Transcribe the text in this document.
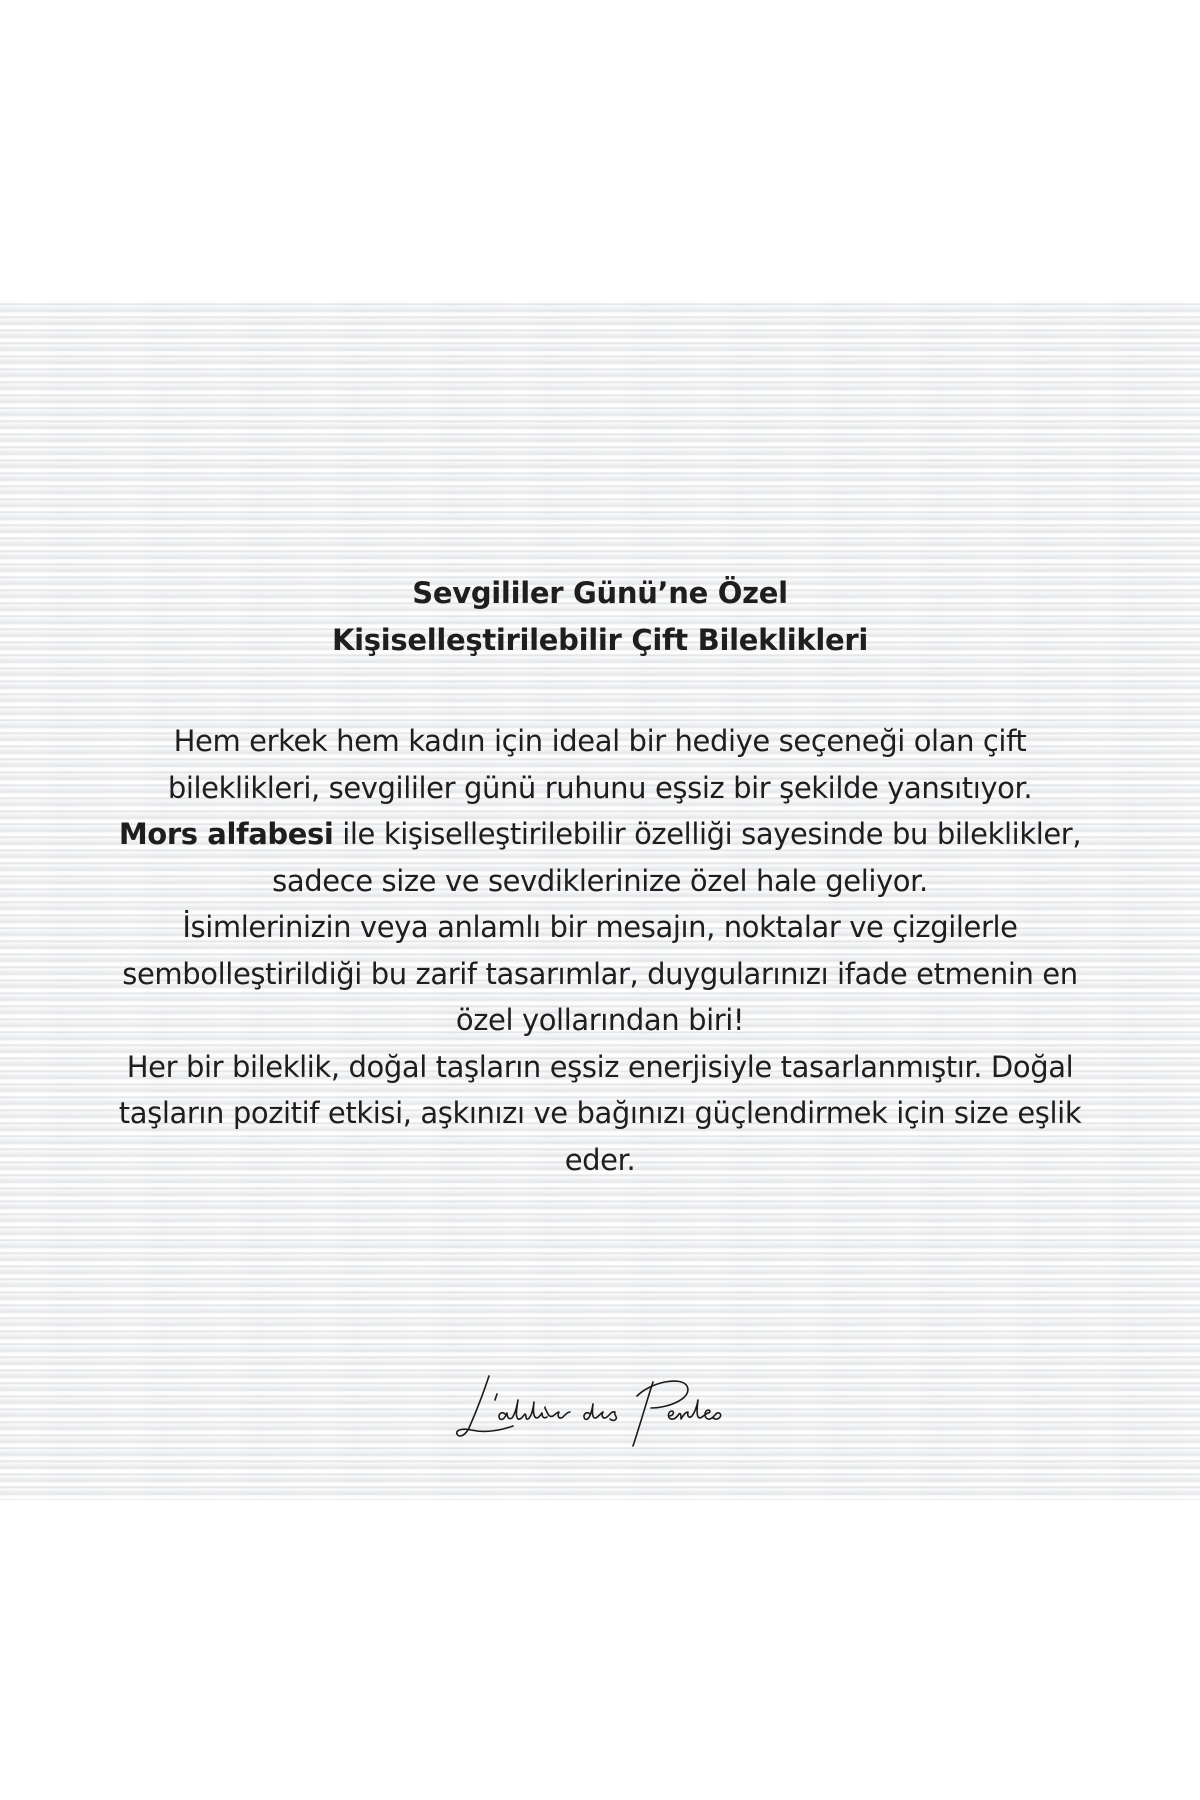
Sevgililer Günü’ne Özel
Kişiselleştirilebilir Çift Bileklikleri

Hem erkek hem kadın için ideal bir hediye seçeneği olan çift bileklikleri, sevgililer günü ruhunu eşsiz bir şekilde yansıtıyor.

Mors alfabesi ile kişiselleştirilebilir özelliği sayesinde bu bileklikler, sadece size ve sevdiklerinize özel hale geliyor.

İsimlerinizin veya anlamlı bir mesajın, noktalar ve çizgilerle sembolleştirildiği bu zarif tasarımlar, duygularınızı ifade etmenin en özel yollarından biri!

Her bir bileklik, doğal taşların eşsiz enerjisiyle tasarlanmıştır. Doğal taşların pozitif etkisi, aşkınızı ve bağınızı güçlendirmek için size eşlik eder.
